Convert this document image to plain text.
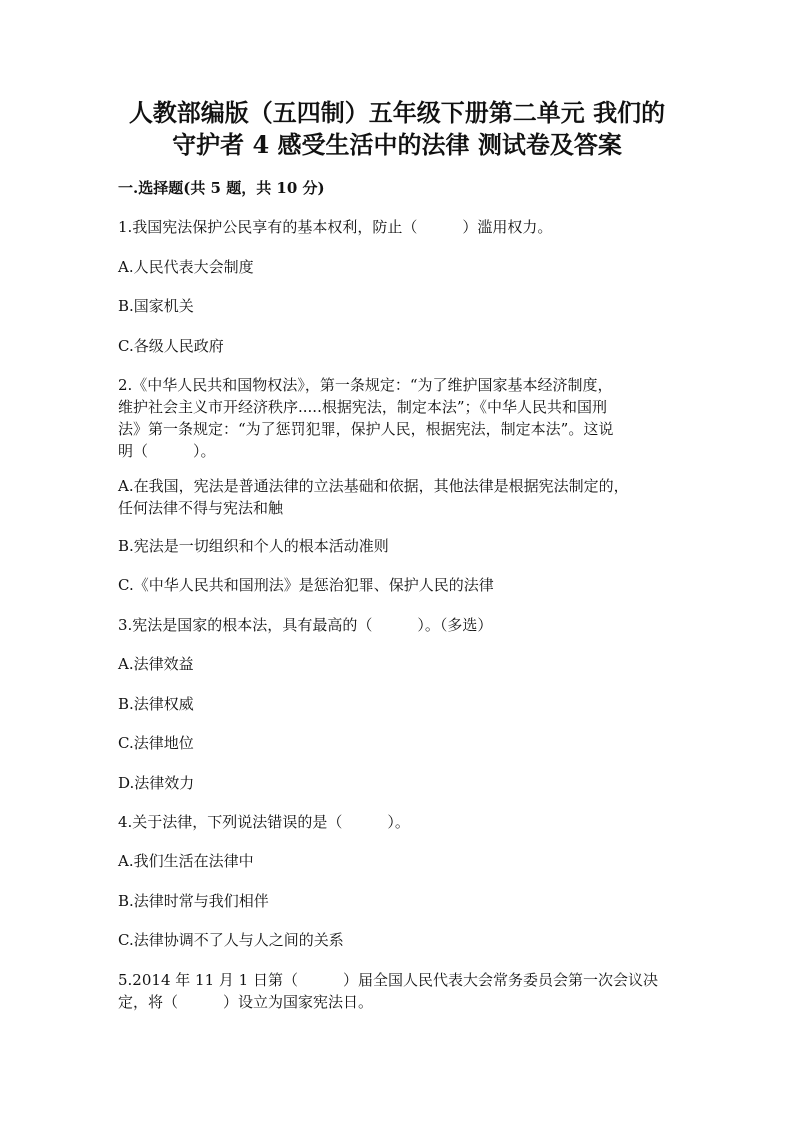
人教部编版（五四制）五年级下册第二单元 我们的
守护者 4 感受生活中的法律 测试卷及答案
一.选择题(共 5 题，共 10 分)
1.我国宪法保护公民享有的基本权利，防止（　　　）滥用权力。
A.人民代表大会制度
B.国家机关
C.各级人民政府
2.《中华人民共和国物权法》，第一条规定：“为了维护国家基本经济制度，
维护社会主义市开经济秩序.....根据宪法，制定本法”；《中华人民共和国刑
法》第一条规定：“为了惩罚犯罪，保护人民，根据宪法，制定本法”。这说
明（　　　）。
A.在我国，宪法是普通法律的立法基础和依据，其他法律是根据宪法制定的，
任何法律不得与宪法和触
B.宪法是一切组织和个人的根本活动准则
C.《中华人民共和国刑法》是惩治犯罪、保护人民的法律
3.宪法是国家的根本法，具有最高的（　　　）。（多选）
A.法律效益
B.法律权威
C.法律地位
D.法律效力
4.关于法律，下列说法错误的是（　　　）。
A.我们生活在法律中
B.法律时常与我们相伴
C.法律协调不了人与人之间的关系
5.2014 年 11 月 1 日第（　　　）届全国人民代表大会常务委员会第一次会议决
定，将（　　　）设立为国家宪法日。
